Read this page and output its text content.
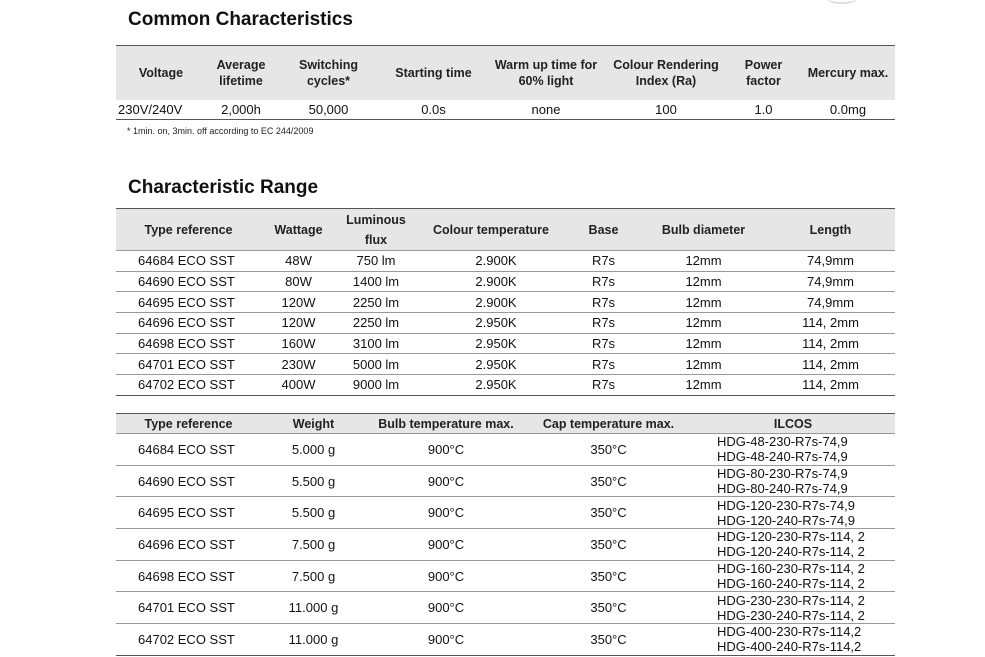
Common Characteristics
Voltage	Average lifetime	Switching cycles*	Starting time	Warm up time for 60% light	Colour Rendering Index (Ra)	Power factor	Mercury max.
230V/240V	2,000h	50,000	0.0s	none	100	1.0	0.0mg
* 1min. on, 3min. off according to EC 244/2009
Characteristic Range
Type reference	Wattage	Luminous flux	Colour temperature	Base	Bulb diameter	Length
64684 ECO SST	48W	750 lm	2.900K	R7s	12mm	74,9mm
64690 ECO SST	80W	1400 lm	2.900K	R7s	12mm	74,9mm
64695 ECO SST	120W	2250 lm	2.900K	R7s	12mm	74,9mm
64696 ECO SST	120W	2250 lm	2.950K	R7s	12mm	114, 2mm
64698 ECO SST	160W	3100 lm	2.950K	R7s	12mm	114, 2mm
64701 ECO SST	230W	5000 lm	2.950K	R7s	12mm	114, 2mm
64702 ECO SST	400W	9000 lm	2.950K	R7s	12mm	114, 2mm
Type reference	Weight	Bulb temperature max.	Cap temperature max.	ILCOS
64684 ECO SST	5.000 g	900°C	350°C	HDG-48-230-R7s-74,9
HDG-48-240-R7s-74,9

64690 ECO SST	5.500 g	900°C	350°C	HDG-80-230-R7s-74,9
HDG-80-240-R7s-74,9

64695 ECO SST	5.500 g	900°C	350°C	HDG-120-230-R7s-74,9
HDG-120-240-R7s-74,9

64696 ECO SST	7.500 g	900°C	350°C	HDG-120-230-R7s-114, 2
HDG-120-240-R7s-114, 2

64698 ECO SST	7.500 g	900°C	350°C	HDG-160-230-R7s-114, 2
HDG-160-240-R7s-114, 2

64701 ECO SST	11.000 g	900°C	350°C	HDG-230-230-R7s-114, 2
HDG-230-240-R7s-114, 2

64702 ECO SST	11.000 g	900°C	350°C	HDG-400-230-R7s-114,2
HDG-400-240-R7s-114,2
